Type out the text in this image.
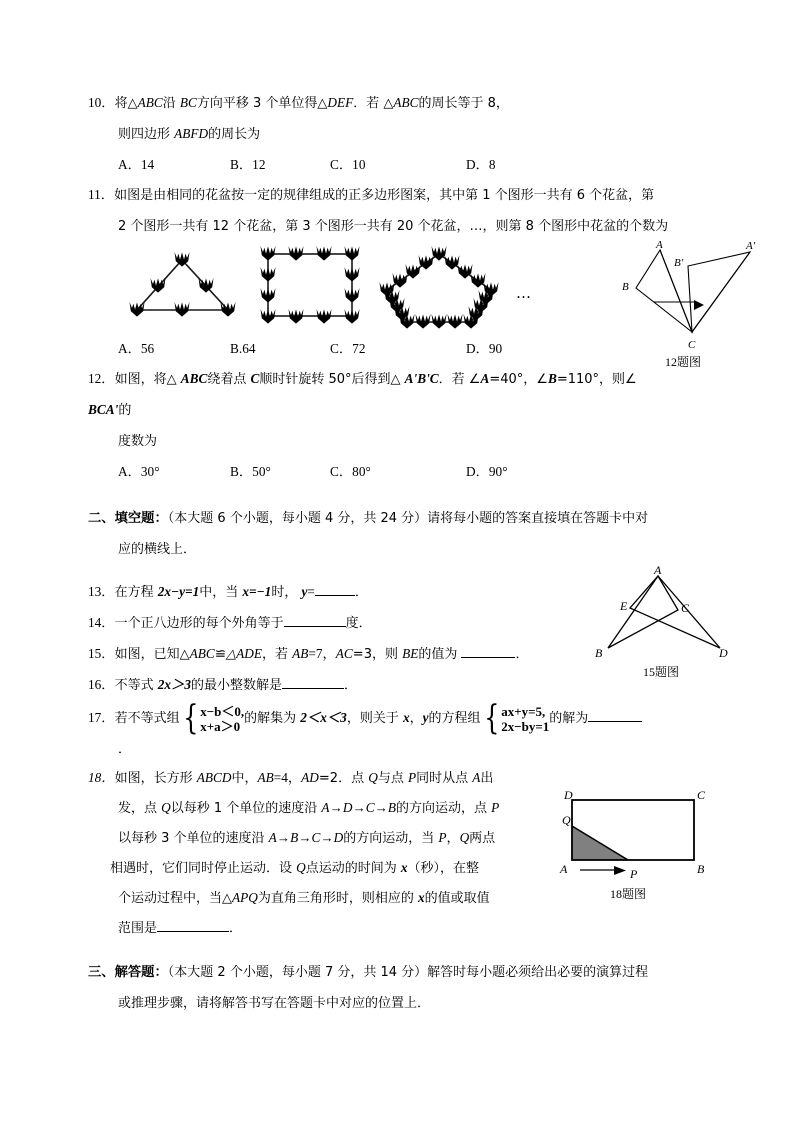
10．将△ABC沿 BC方向平移 3 个单位得△DEF．若 △ABC的周长等于 8，
则四边形 ABFD的周长为
A．14	B．12	C．10	D．8
11．如图是由相同的花盆按一定的规律组成的正多边形图案，其中第 1 个图形一共有 6 个花盆，第
2 个图形一共有 12 个花盆，第 3 个图形一共有 20 个花盆，…，则第 8 个图形中花盆的个数为
…
A．56	B.64	C．72	D．90
12．如图，将△ ABC绕着点 C顺时针旋转 50°后得到△ A'B'C．若 ∠A=40°，∠B=110°，则∠
BCA'的
度数为
A．30°	B．50°	C．80°	D．90°
二、填空题：（本大题 6 个小题，每小题 4 分，共 24 分）请将每小题的答案直接填在答题卡中对
应的横线上．
13．在方程 2x−y=1中，当 x=−1时， y=	．
14．一个正八边形的每个外角等于	度．
15．如图，已知△ABC≌△ADE，若 AB=7，AC=3，则 BE的值为	．
16．不等式 2x＞3的最小整数解是	．
17．若不等式组 { x−b＜0,
x+a＞0
的解集为 2＜x＜3，则关于 x，y的方程组 { ax+y=5,
2x−by=1
的解为
．
18．如图，长方形 ABCD中，AB=4，AD=2．点 Q与点 P同时从点 A出
发，点 Q以每秒 1 个单位的速度沿 A→D→C→B的方向运动，点 P
以每秒 3 个单位的速度沿 A→B→C→D的方向运动，当 P，Q两点
相遇时，它们同时停止运动．设 Q点运动的时间为 x（秒），在整
个运动过程中，当△APQ为直角三角形时，则相应的 x的值或取值
范围是	．
三、解答题：（本大题 2 个小题，每小题 7 分，共 14 分）解答时每小题必须给出必要的演算过程
或推理步骤，请将解答书写在答题卡中对应的位置上．
A
B
C
A'
B'
12题图
A
E	C
B	D
15题图
D	C
A	B
Q
P
18题图
